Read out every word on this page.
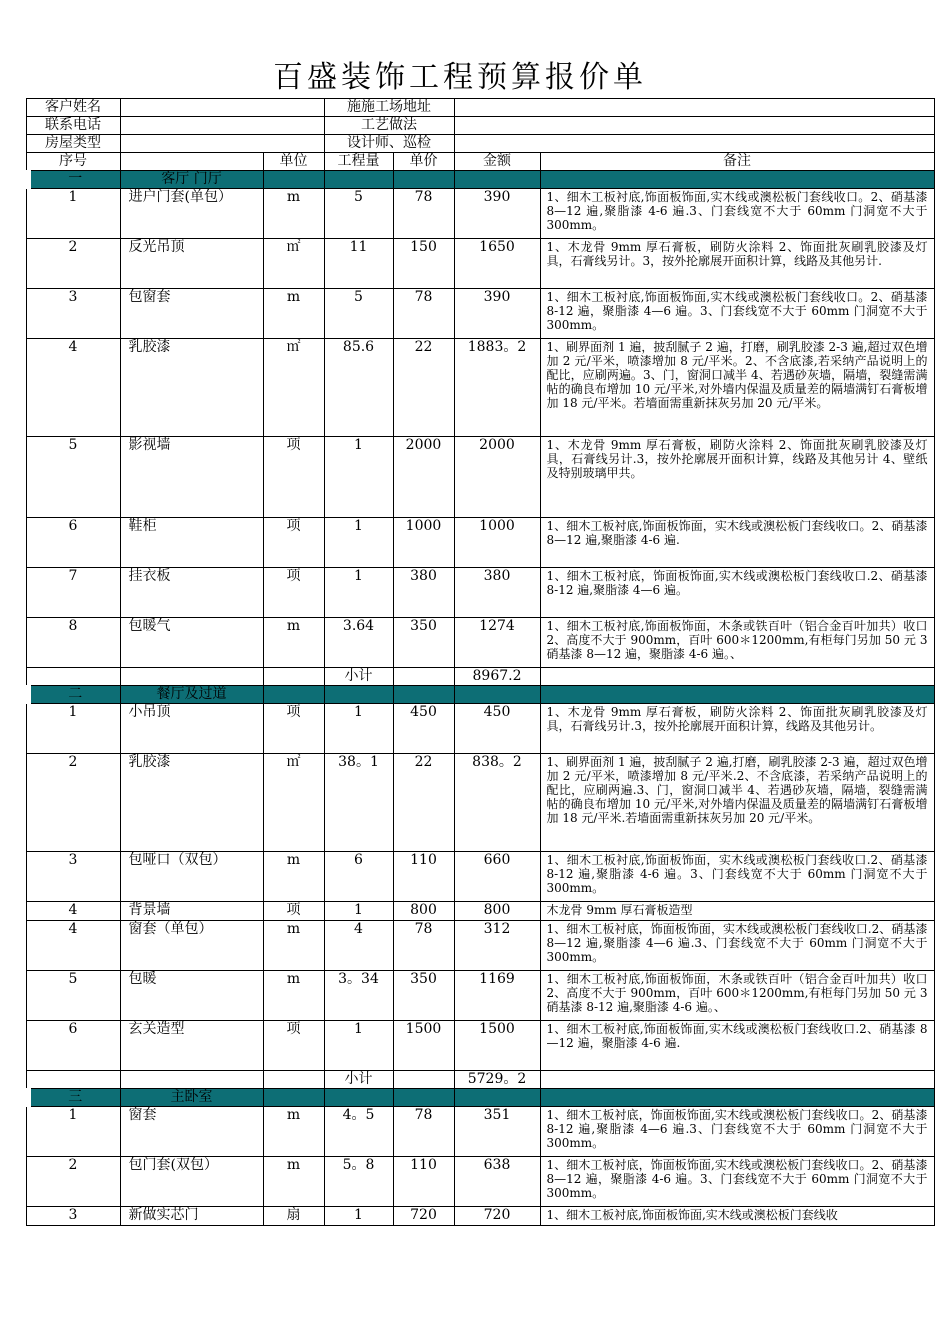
百盛装饰工程预算报价单
客户姓名			施施工场地址			
联系电话			工艺做法			
房屋类型			设计师、巡检			
序号		单位	工程量	单价	金额	备注
一	客厅 门厅					
1	进户门套(单包）	m	5	78	390	1、细木工板衬底,饰面板饰面,实木线或澳松板门套线收口。2、硝基漆 8—12 遍,聚脂漆 4-6 遍.3、门套线宽不大于 60mm 门洞宽不大于 300mm。
2	反光吊顶	㎡	11	150	1650	1、木龙骨 9mm 厚石膏板，刷防火涂料 2、饰面批灰刷乳胶漆及灯具，石膏线另计。3，按外抡廓展开面积计算，线路及其他另计.
3	包窗套	m	5	78	390	1、细木工板衬底,饰面板饰面,实木线或澳松板门套线收口。2、硝基漆 8-12 遍，聚脂漆 4—6 遍。3、门套线宽不大于 60mm 门洞宽不大于 300mm。
4	乳胶漆	㎡	85.6	22	1883。2	1、刷界面剂 1 遍，披刮腻子 2 遍，打磨，刷乳胶漆 2-3 遍,超过双色增加 2 元/平米，喷漆增加 8 元/平米。2、不含底漆,若采纳产品说明上的配比，应刷两遍。3、门，窗洞口减半 4、若遇砂灰墙，隔墙，裂缝需满帖的确良布增加 10 元/平米,对外墙内保温及质量差的隔墙满钉石膏板增加 18 元/平米。若墙面需重新抹灰另加 20 元/平米。
5	影视墙	项	1	2000	2000	1、木龙骨 9mm 厚石膏板，刷防火涂料 2、饰面批灰刷乳胶漆及灯具，石膏线另计.3，按外抡廓展开面积计算，线路及其他另计 4、壁纸及特别玻璃甲共。
6	鞋柜	项	1	1000	1000	1、细木工板衬底,饰面板饰面，实木线或澳松板门套线收口。2、硝基漆 8—12 遍,聚脂漆 4-6 遍.
7	挂衣板	项	1	380	380	1、细木工板衬底，饰面板饰面,实木线或澳松板门套线收口.2、硝基漆 8-12 遍,聚脂漆 4—6 遍。
8	包暖气	m	3.64	350	1274	1、细木工板衬底,饰面板饰面，木条或铁百叶（铝合金百叶加共）收口 2、高度不大于 900mm，百叶 600＊1200mm,有柜每门另加 50 元 3 硝基漆 8—12 遍，聚脂漆 4-6 遍。、
			小计		8967.2	
二	餐厅及过道					
1	小吊顶	项	1	450	450	1、木龙骨 9mm 厚石膏板，刷防火涂料 2、饰面批灰刷乳胶漆及灯具，石膏线另计.3，按外抡廓展开面积计算，线路及其他另计。
2	乳胶漆	㎡	38。1	22	838。2	1、刷界面剂 1 遍，披刮腻子 2 遍,打磨，刷乳胶漆 2-3 遍，超过双色增加 2 元/平米，喷漆增加 8 元/平米.2、不含底漆，若采纳产品说明上的配比，应刷两遍.3、门，窗洞口减半 4、若遇砂灰墙，隔墙，裂缝需满帖的确良布增加 10 元/平米,对外墙内保温及质量差的隔墙满钉石膏板增加 18 元/平米.若墙面需重新抹灰另加 20 元/平米。
3	包哑口（双包）	m	6	110	660	1、细木工板衬底,饰面板饰面，实木线或澳松板门套线收口.2、硝基漆 8-12 遍,聚脂漆 4-6 遍。3、门套线宽不大于 60mm 门洞宽不大于 300mm。
4	背景墙	项	1	800	800	木龙骨 9mm 厚石膏板造型
4	窗套（单包）	m	4	78	312	1、细木工板衬底，饰面板饰面，实木线或澳松板门套线收口.2、硝基漆 8—12 遍,聚脂漆 4—6 遍.3、门套线宽不大于 60mm 门洞宽不大于 300mm。
5	包暖	m	3。34	350	1169	1、细木工板衬底,饰面板饰面，木条或铁百叶（铝合金百叶加共）收口 2、高度不大于 900mm，百叶 600＊1200mm,有柜每门另加 50 元 3 硝基漆 8-12 遍,聚脂漆 4-6 遍。、
6	玄关造型	项	1	1500	1500	1、细木工板衬底,饰面板饰面,实木线或澳松板门套线收口.2、硝基漆 8—12 遍，聚脂漆 4-6 遍.
			小计		5729。2	
三	主卧室					
1	窗套	m	4。5	78	351	1、细木工板衬底，饰面板饰面,实木线或澳松板门套线收口。2、硝基漆 8-12 遍,聚脂漆 4—6 遍.3、门套线宽不大于 60mm 门洞宽不大于 300mm。
2	包门套(双包）	m	5。8	110	638	1、细木工板衬底，饰面板饰面,实木线或澳松板门套线收口。2、硝基漆 8—12 遍，聚脂漆 4-6 遍。3、门套线宽不大于 60mm 门洞宽不大于 300mm。
3	新做实芯门	扇	1	720	720	1、细木工板衬底,饰面板饰面,实木线或澳松板门套线收
